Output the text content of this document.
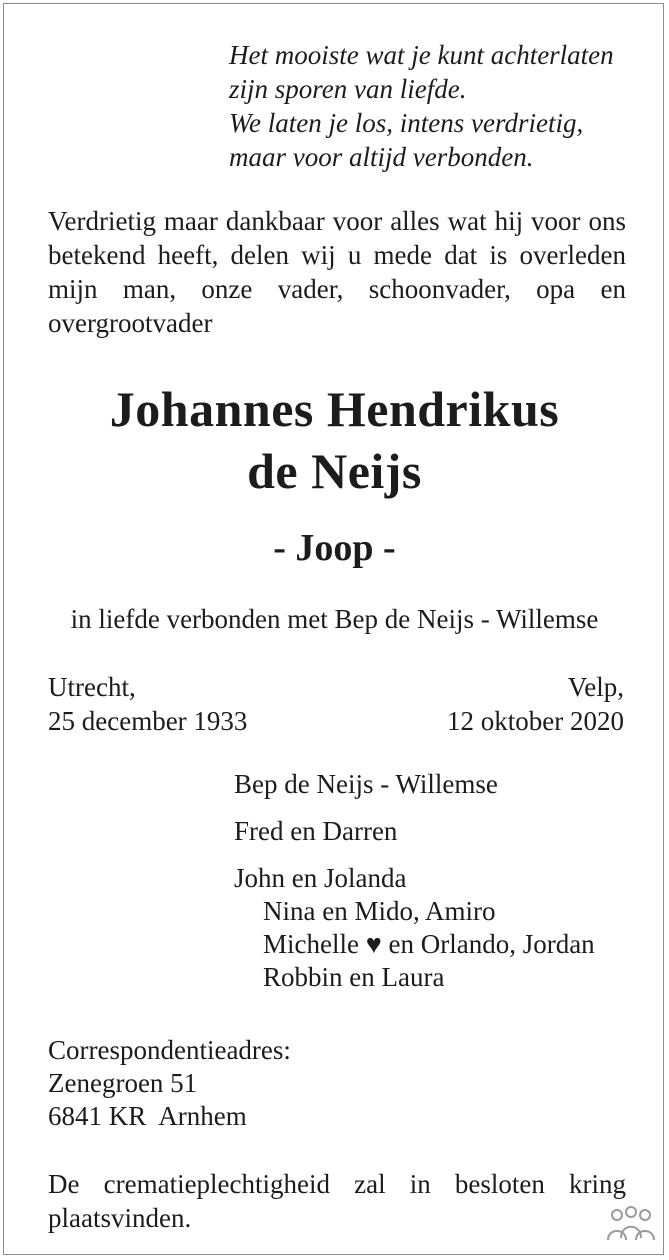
Het mooiste wat je kunt achterlaten
zijn sporen van liefde.
We laten je los, intens verdrietig,
maar voor altijd verbonden.
Verdrietig maar dankbaar voor alles wat hij voor ons betekend heeft, delen wij u mede dat is overleden mijn man, onze vader, schoonvader, opa en overgrootvader
Johannes Hendrikus
de Neijs
- Joop -
in liefde verbonden met Bep de Neijs - Willemse
Utrecht,
25 december 1933
Velp,
12 oktober 2020
Bep de Neijs - Willemse
Fred en Darren
John en Jolanda
Nina en Mido, Amiro
Michelle ♥ en Orlando, Jordan
Robbin en Laura
Correspondentieadres:
Zenegroen 51
6841 KR  Arnhem
De crematieplechtigheid zal in besloten kring plaatsvinden.
